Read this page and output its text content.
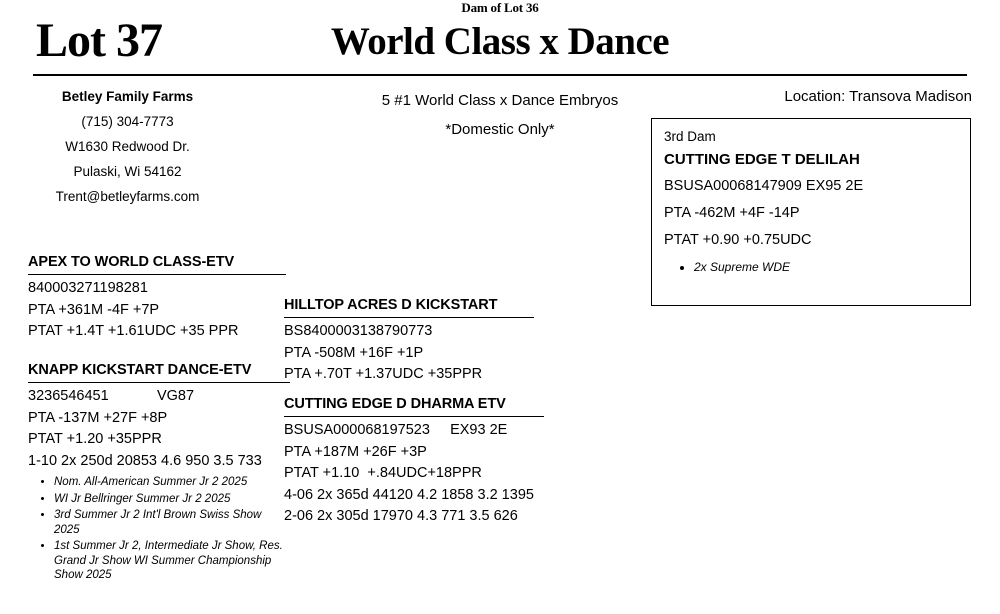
Dam of Lot 36
Lot 37	World Class x Dance
Betley Family Farms
(715) 304-7773
W1630 Redwood Dr.
Pulaski, Wi 54162
Trent@betleyfarms.com
5 #1 World Class x Dance Embryos
*Domestic Only*
Location: Transova Madison
3rd Dam
CUTTING EDGE T DELILAH
BSUSA00068147909 EX95 2E
PTA -462M +4F -14P
PTAT +0.90 +0.75UDC
• 2x Supreme WDE
APEX TO WORLD CLASS-ETV
840003271198281
PTA +361M -4F +7P
PTAT +1.4T +1.61UDC +35 PPR
KNAPP KICKSTART DANCE-ETV
3236546451            VG87
PTA -137M +27F +8P
PTAT +1.20 +35PPR
1-10 2x 250d 20853 4.6 950 3.5 733
• Nom. All-American Summer Jr 2 2025
• WI Jr Bellringer Summer Jr 2 2025
• 3rd Summer Jr 2 Int'l Brown Swiss Show 2025
• 1st Summer Jr 2, Intermediate Jr Show, Res. Grand Jr Show WI Summer Championship Show 2025
HILLTOP ACRES D KICKSTART
BS8400003138790773
PTA -508M +16F +1P
PTA +.70T +1.37UDC +35PPR
CUTTING EDGE D DHARMA ETV
BSUSA000068197523     EX93 2E
PTA +187M +26F +3P
PTAT +1.10  +.84UDC+18PPR
4-06 2x 365d 44120 4.2 1858 3.2 1395
2-06 2x 305d 17970 4.3 771 3.5 626
